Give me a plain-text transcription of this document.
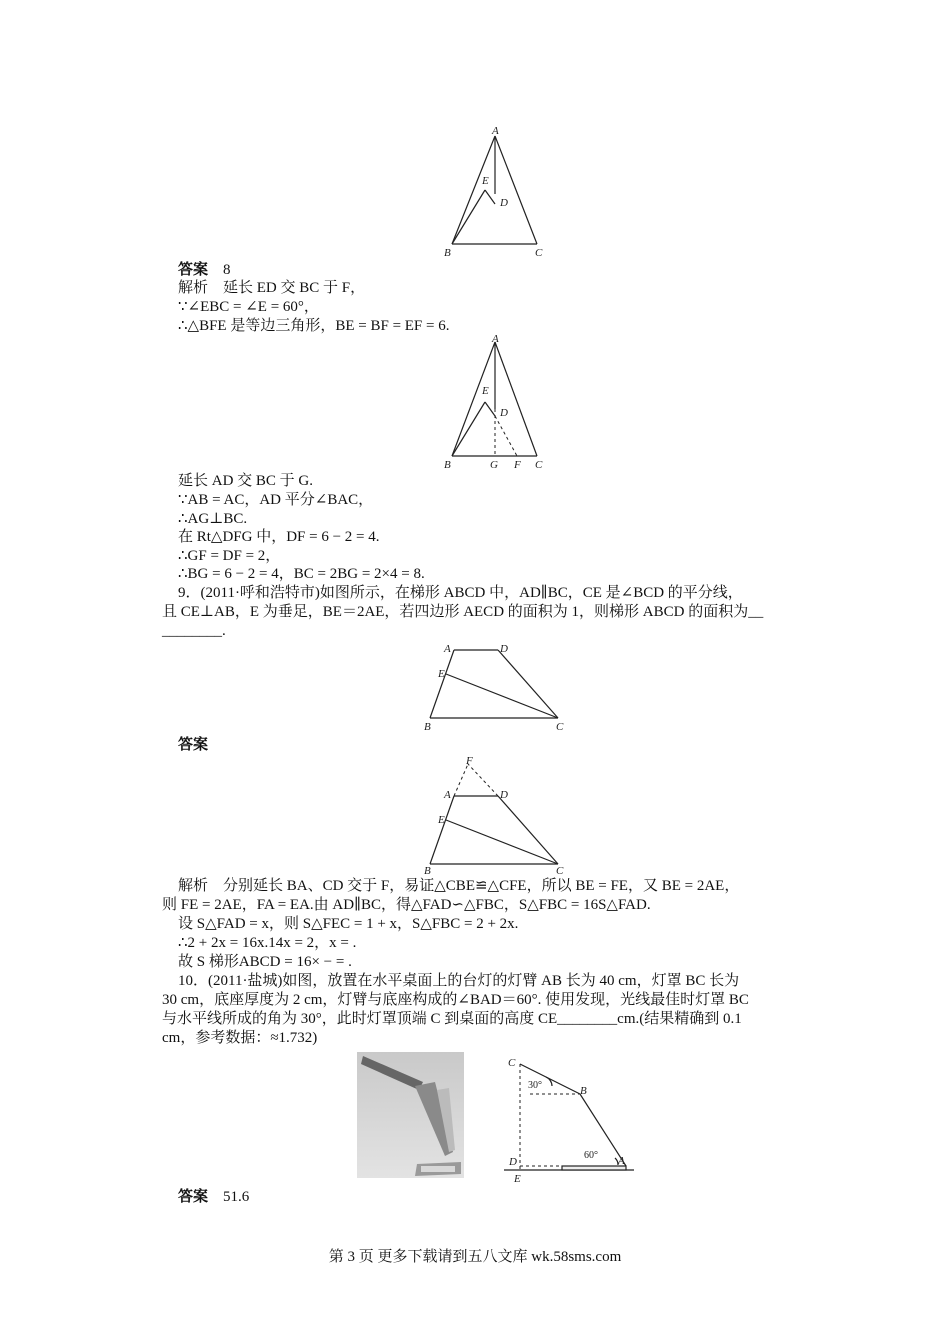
A
E
D
B	C
答案 8
解析　延长 ED 交 BC 于 F，
∵∠EBC = ∠E = 60°，
∴△BFE 是等边三角形，BE = BF = EF = 6.
A
E
D
B	G F C
延长 AD 交 BC 于 G.
∵AB = AC，AD 平分∠BAC，
∴AG⊥BC.
在 Rt△DFG 中，DF = 6 − 2 = 4.
∴GF = DF = 2，
∴BG = 6 − 2 = 4，BC = 2BG = 2×4 = 8.
9．(2011·呼和浩特市)如图所示，在梯形 ABCD 中，AD∥BC，CE 是∠BCD 的平分线，
且 CE⊥AB，E 为垂足，BE＝2AE，若四边形 AECD 的面积为 1，则梯形 ABCD 的面积为__
________.
A	D
E
B	C
答案
F
A	D
E
B	C
解析　分别延长 BA、CD 交于 F，易证△CBE≌△CFE，所以 BE = FE，又 BE = 2AE，
则 FE = 2AE，FA = EA.由 AD∥BC，得△FAD∽△FBC，S△FBC = 16S△FAD.
设 S△FAD = x，则 S△FEC = 1 + x，S△FBC = 2 + 2x.
∴2 + 2x = 16x.14x = 2，x = .
故 S 梯形ABCD = 16× − = .
10．(2011·盐城)如图，放置在水平桌面上的台灯的灯臂 AB 长为 40 cm，灯罩 BC 长为
30 cm，底座厚度为 2 cm，灯臂与底座构成的∠BAD＝60°. 使用发现，光线最佳时灯罩 BC
与水平线所成的角为 30°，此时灯罩顶端 C 到桌面的高度 CE________cm.(结果精确到 0.1
cm，参考数据：≈1.732)
C
30°	B
60° A
D
E
答案 51.6
第 3 页 更多下载请到五八文库 wk.58sms.com
